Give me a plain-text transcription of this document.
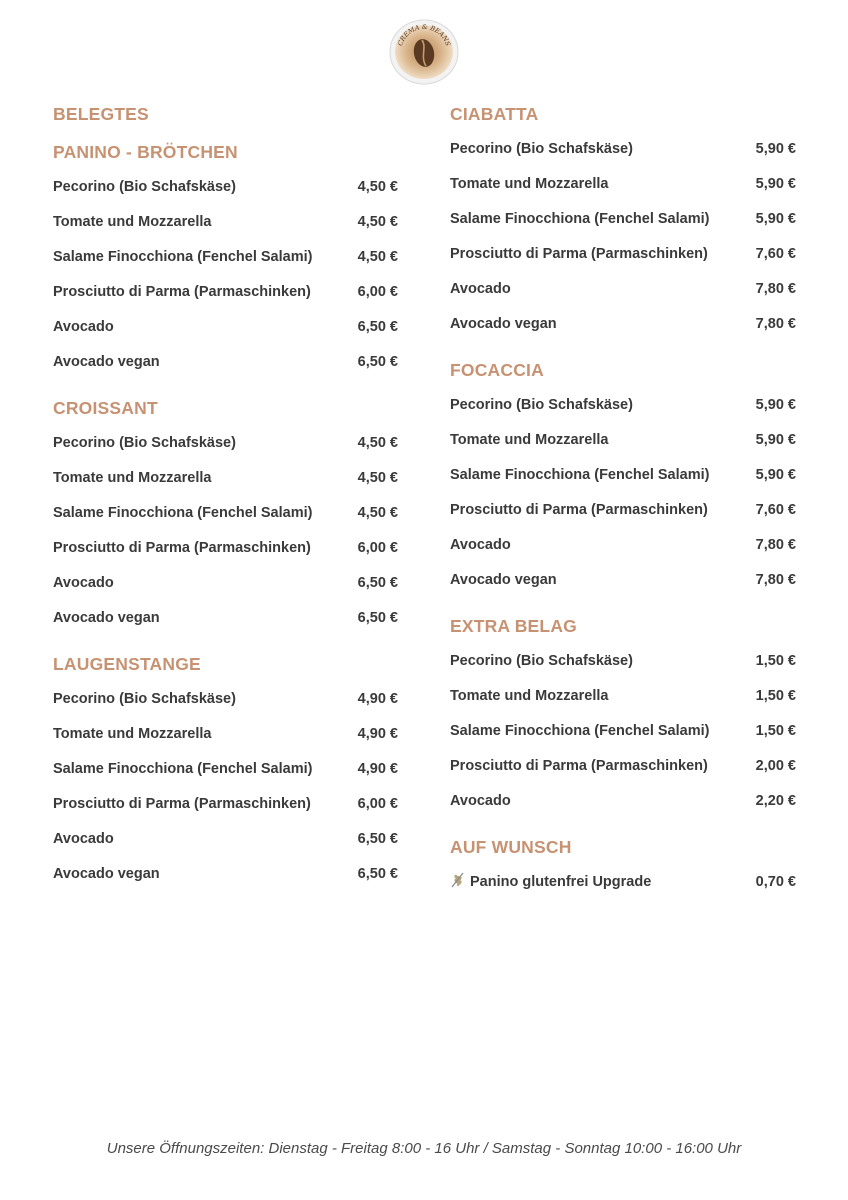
CREMA & BEANS
BELEGTES
PANINO - BRÖTCHEN
Pecorino (Bio Schafskäse)	4,50 €
Tomate und Mozzarella	4,50 €
Salame Finocchiona (Fenchel Salami)	4,50 €
Prosciutto di Parma (Parmaschinken)	6,00 €
Avocado	6,50 €
Avocado vegan	6,50 €
CROISSANT
Pecorino (Bio Schafskäse)	4,50 €
Tomate und Mozzarella	4,50 €
Salame Finocchiona (Fenchel Salami)	4,50 €
Prosciutto di Parma (Parmaschinken)	6,00 €
Avocado	6,50 €
Avocado vegan	6,50 €
LAUGENSTANGE
Pecorino (Bio Schafskäse)	4,90 €
Tomate und Mozzarella	4,90 €
Salame Finocchiona (Fenchel Salami)	4,90 €
Prosciutto di Parma (Parmaschinken)	6,00 €
Avocado	6,50 €
Avocado vegan	6,50 €
CIABATTA
Pecorino (Bio Schafskäse)	5,90 €
Tomate und Mozzarella	5,90 €
Salame Finocchiona (Fenchel Salami)	5,90 €
Prosciutto di Parma (Parmaschinken)	7,60 €
Avocado	7,80 €
Avocado vegan	7,80 €
FOCACCIA
Pecorino (Bio Schafskäse)	5,90 €
Tomate und Mozzarella	5,90 €
Salame Finocchiona (Fenchel Salami)	5,90 €
Prosciutto di Parma (Parmaschinken)	7,60 €
Avocado	7,80 €
Avocado vegan	7,80 €
EXTRA BELAG
Pecorino (Bio Schafskäse)	1,50 €
Tomate und Mozzarella	1,50 €
Salame Finocchiona (Fenchel Salami)	1,50 €
Prosciutto di Parma (Parmaschinken)	2,00 €
Avocado	2,20 €
AUF WUNSCH
Panino glutenfrei Upgrade	0,70 €
Unsere Öffnungszeiten: Dienstag - Freitag 8:00 - 16 Uhr / Samstag - Sonntag 10:00 - 16:00 Uhr
